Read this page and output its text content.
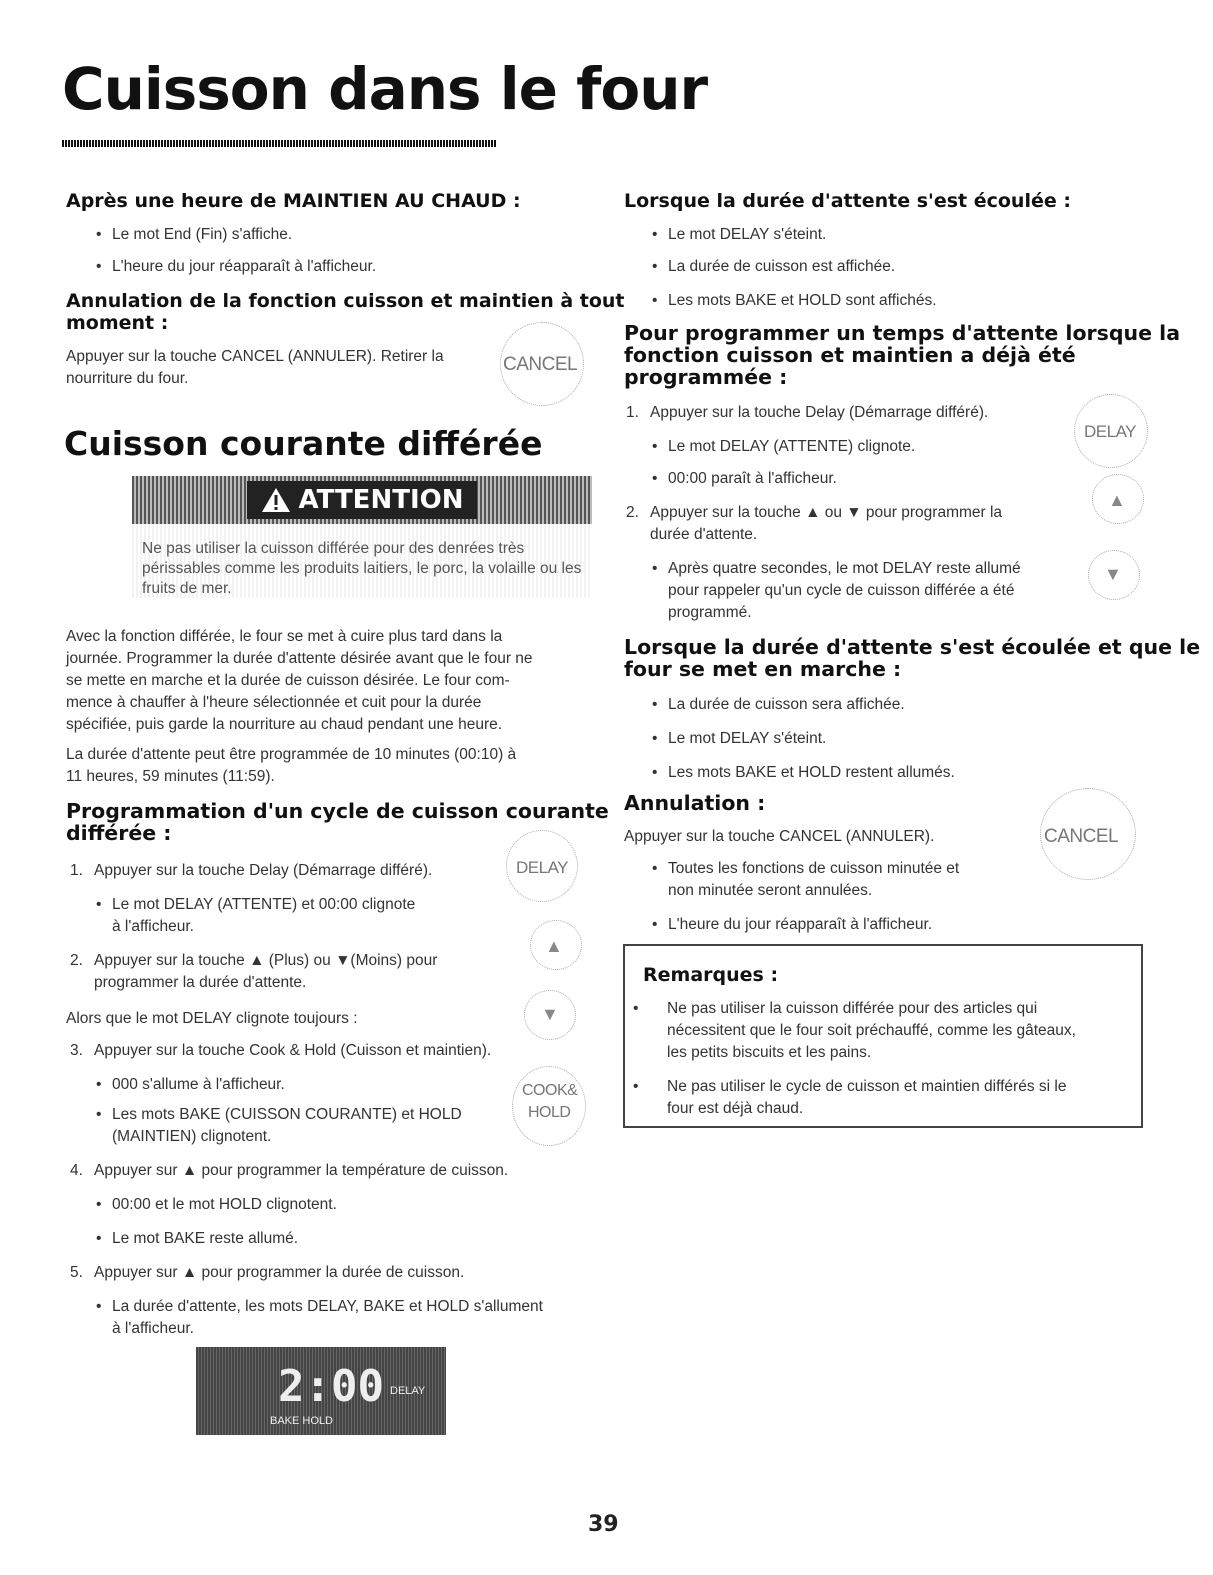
Cuisson dans le four
Après une heure de MAINTIEN AU CHAUD :
• Le mot End (Fin) s'affiche.
• L'heure du jour réapparaît à l'afficheur.
Annulation de la fonction cuisson et maintien à tout
moment :

Appuyer sur la touche CANCEL (ANNULER). Retirer la

nourriture du four.

CANCEL
Cuisson courante différée
ATTENTION
Ne pas utiliser la cuisson différée pour des denrées très
périssables comme les produits laitiers, le porc, la volaille ou les
fruits de mer.

Avec la fonction différée, le four se met à cuire plus tard dans la

journée. Programmer la durée d'attente désirée avant que le four ne

se mette en marche et la durée de cuisson désirée. Le four com-

mence à chauffer à l'heure sélectionnée et cuit pour la durée

spécifiée, puis garde la nourriture au chaud pendant une heure.

La durée d'attente peut être programmée de 10 minutes (00:10) à

11 heures, 59 minutes (11:59).

Programmation d'un cycle de cuisson courante
différée :
1. Appuyer sur la touche Delay (Démarrage différé).	DELAY
• Le mot DELAY (ATTENTE) et 00:00 clignote
à l'afficheur.
▲
2. Appuyer sur la touche ▲ (Plus) ou ▼(Moins) pour
programmer la durée d'attente.

Alors que le mot DELAY clignote toujours :	▼
3. Appuyer sur la touche Cook & Hold (Cuisson et maintien).
• 000 s'allume à l'afficheur.
• Les mots BAKE (CUISSON COURANTE) et HOLD
(MAINTIEN) clignotent.
COOK&
HOLD
4. Appuyer sur ▲ pour programmer la température de cuisson.
• 00:00 et le mot HOLD clignotent.
• Le mot BAKE reste allumé.
5. Appuyer sur ▲ pour programmer la durée de cuisson.
• La durée d'attente, les mots DELAY, BAKE et HOLD s'allument
à l'afficheur.
2:00 DELAY
BAKE HOLD
Lorsque la durée d'attente s'est écoulée :
• Le mot DELAY s'éteint.
• La durée de cuisson est affichée.
• Les mots BAKE et HOLD sont affichés.
Pour programmer un temps d'attente lorsque la
fonction cuisson et maintien a déjà été
programmée :
1. Appuyer sur la touche Delay (Démarrage différé).
• Le mot DELAY (ATTENTE) clignote.
• 00:00 paraît à l'afficheur.
DELAY
2. Appuyer sur la touche ▲ ou ▼ pour programmer la
durée d'attente.
▲
• Après quatre secondes, le mot DELAY reste allumé
pour rappeler qu'un cycle de cuisson différée a été
programmé.
▼
Lorsque la durée d'attente s'est écoulée et que le
four se met en marche :
• La durée de cuisson sera affichée.
• Le mot DELAY s'éteint.
• Les mots BAKE et HOLD restent allumés.
Annulation :

Appuyer sur la touche CANCEL (ANNULER).	CANCEL
• Toutes les fonctions de cuisson minutée et
non minutée seront annulées.
• L'heure du jour réapparaît à l'afficheur.
Remarques :
• Ne pas utiliser la cuisson différée pour des articles qui
nécessitent que le four soit préchauffé, comme les gâteaux,
les petits biscuits et les pains.
• Ne pas utiliser le cycle de cuisson et maintien différés si le
four est déjà chaud.
39
